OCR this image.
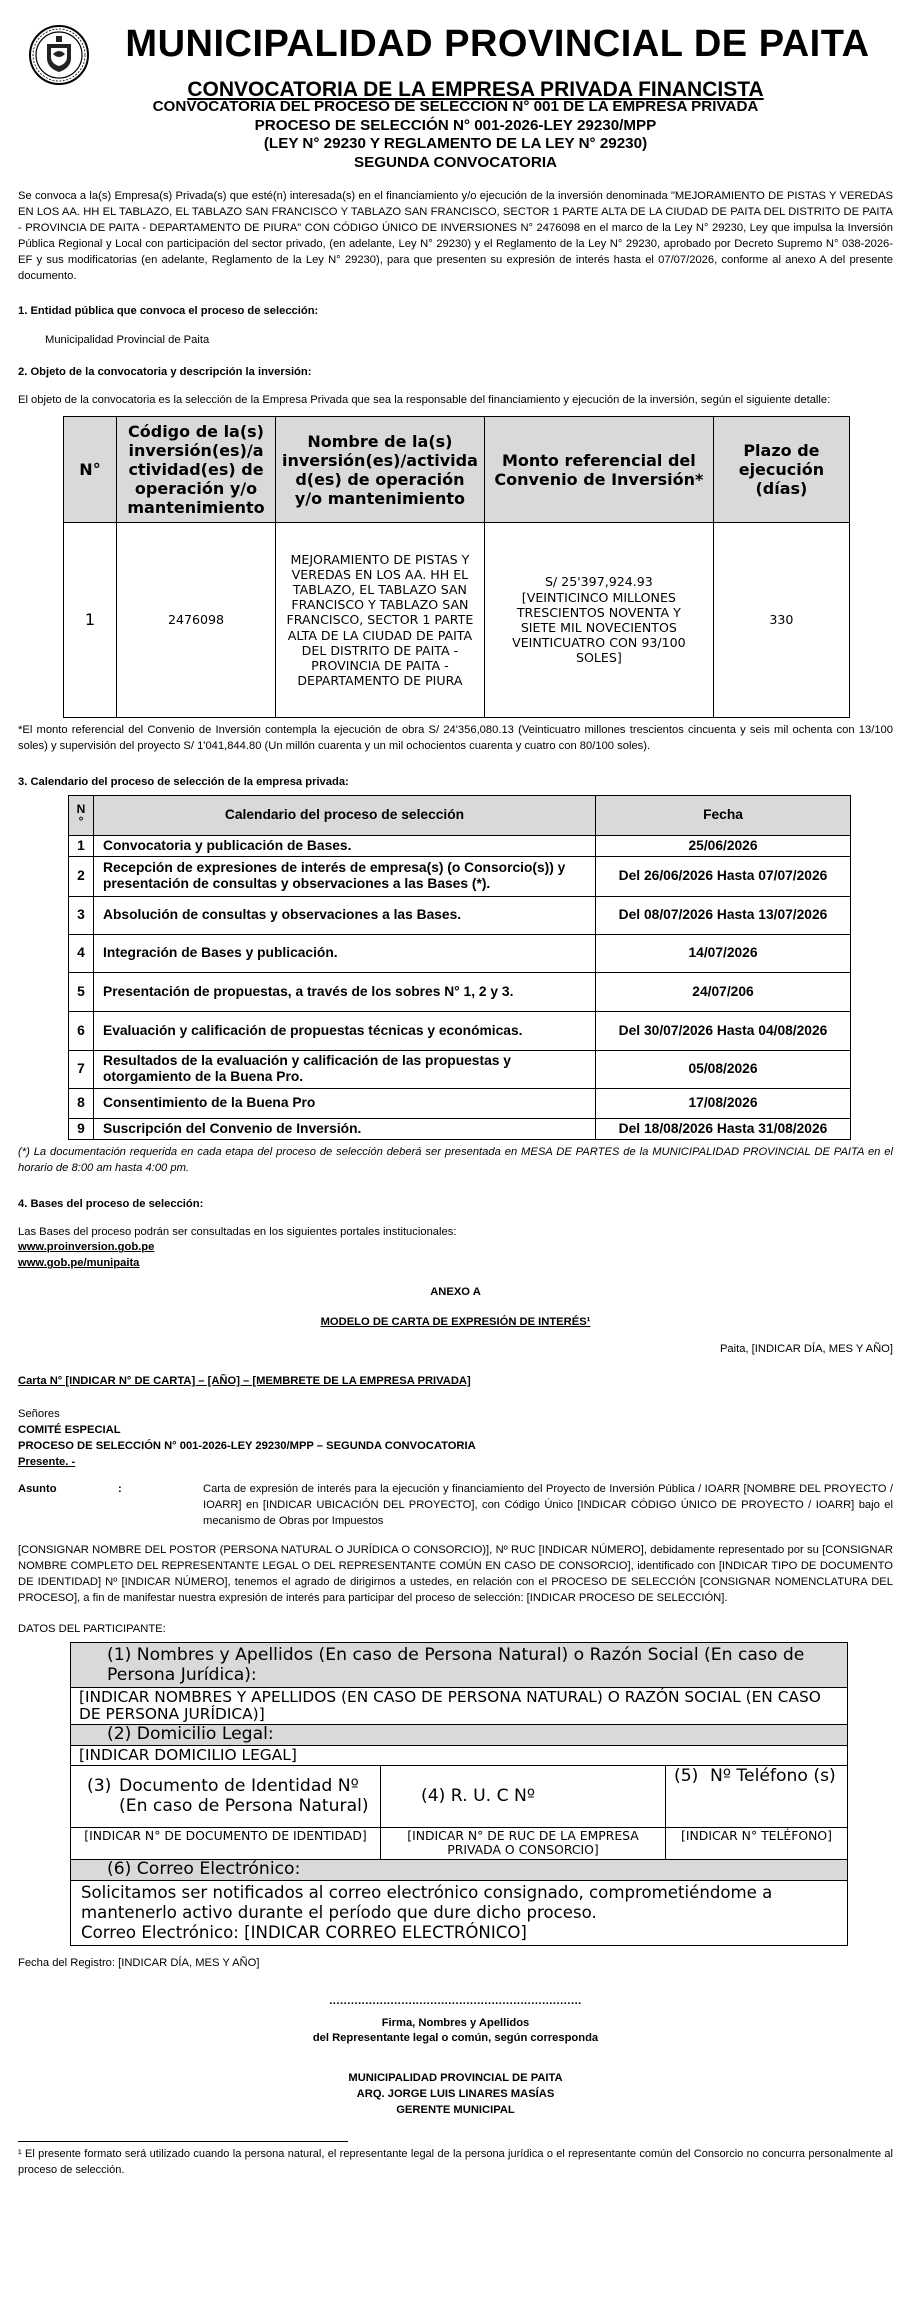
MUNICIPALIDAD PROVINCIAL DE PAITA
CONVOCATORIA DE LA EMPRESA PRIVADA FINANCISTA
CONVOCATORIA DEL PROCESO DE SELECCIÓN N° 001 DE LA EMPRESA PRIVADA
PROCESO DE SELECCIÓN N° 001-2026-LEY 29230/MPP
(LEY N° 29230 Y REGLAMENTO DE LA LEY N° 29230)
SEGUNDA CONVOCATORIA

Se convoca a la(s) Empresa(s) Privada(s) que esté(n) interesada(s) en el financiamiento y/o ejecución de la inversión denominada "MEJORAMIENTO DE PISTAS Y VEREDAS EN LOS AA. HH EL TABLAZO, EL TABLAZO SAN FRANCISCO Y TABLAZO SAN FRANCISCO, SECTOR 1 PARTE ALTA DE LA CIUDAD DE PAITA DEL DISTRITO DE PAITA - PROVINCIA DE PAITA - DEPARTAMENTO DE PIURA" CON CÓDIGO ÚNICO DE INVERSIONES N° 2476098 en el marco de la Ley N° 29230, Ley que impulsa la Inversión Pública Regional y Local con participación del sector privado, (en adelante, Ley N° 29230) y el Reglamento de la Ley N° 29230, aprobado por Decreto Supremo N° 038-2026-EF y sus modificatorias (en adelante, Reglamento de la Ley N° 29230), para que presenten su expresión de interés hasta el 07/07/2026, conforme al anexo A del presente documento.

1. Entidad pública que convoca el proceso de selección:

Municipalidad Provincial de Paita

2. Objeto de la convocatoria y descripción la inversión:

El objeto de la convocatoria es la selección de la Empresa Privada que sea la responsable del financiamiento y ejecución de la inversión, según el siguiente detalle:

N°	Código de la(s) inversión(es)/a ctividad(es) de operación y/o mantenimiento	Nombre de la(s) inversión(es)/activida d(es) de operación y/o mantenimiento	Monto referencial del Convenio de Inversión*	Plazo de ejecución (días)
1	2476098	MEJORAMIENTO DE PISTAS Y VEREDAS EN LOS AA. HH EL TABLAZO, EL TABLAZO SAN FRANCISCO Y TABLAZO SAN FRANCISCO, SECTOR 1 PARTE ALTA DE LA CIUDAD DE PAITA DEL DISTRITO DE PAITA - PROVINCIA DE PAITA - DEPARTAMENTO DE PIURA	S/ 25'397,924.93 [VEINTICINCO MILLONES TRESCIENTOS NOVENTA Y SIETE MIL NOVECIENTOS VEINTICUATRO CON 93/100 SOLES]	330

*El monto referencial del Convenio de Inversión contempla la ejecución de obra S/ 24'356,080.13 (Veinticuatro millones trescientos cincuenta y seis mil ochenta con 13/100 soles) y supervisión del proyecto S/ 1'041,844.80 (Un millón cuarenta y un mil ochocientos cuarenta y cuatro con 80/100 soles).

3. Calendario del proceso de selección de la empresa privada:

N °	Calendario del proceso de selección	Fecha
1	Convocatoria y publicación de Bases.	25/06/2026
2	Recepción de expresiones de interés de empresa(s) (o Consorcio(s)) y presentación de consultas y observaciones a las Bases (*).	Del 26/06/2026 Hasta 07/07/2026
3	Absolución de consultas y observaciones a las Bases.	Del 08/07/2026 Hasta 13/07/2026
4	Integración de Bases y publicación.	14/07/2026
5	Presentación de propuestas, a través de los sobres N° 1, 2 y 3.	24/07/206
6	Evaluación y calificación de propuestas técnicas y económicas.	Del 30/07/2026 Hasta 04/08/2026
7	Resultados de la evaluación y calificación de las propuestas y otorgamiento de la Buena Pro.	05/08/2026
8	Consentimiento de la Buena Pro	17/08/2026
9	Suscripción del Convenio de Inversión.	Del 18/08/2026 Hasta 31/08/2026

(*) La documentación requerida en cada etapa del proceso de selección deberá ser presentada en MESA DE PARTES de la MUNICIPALIDAD PROVINCIAL DE PAITA en el horario de 8:00 am hasta 4:00 pm.

4. Bases del proceso de selección:

Las Bases del proceso podrán ser consultadas en los siguientes portales institucionales:

www.proinversion.gob.pe

www.gob.pe/munipaita

ANEXO A

MODELO DE CARTA DE EXPRESIÓN DE INTERÉS¹

Paita, [INDICAR DÍA, MES Y AÑO]

Carta N° [INDICAR N° DE CARTA] – [AÑO] – [MEMBRETE DE LA EMPRESA PRIVADA]

Señores

COMITÉ ESPECIAL

PROCESO DE SELECCIÓN N° 001-2026-LEY 29230/MPP – SEGUNDA CONVOCATORIA

Presente. -

Asunto	:	Carta de expresión de interés para la ejecución y financiamiento del Proyecto de Inversión Pública / IOARR [NOMBRE DEL PROYECTO / IOARR] en [INDICAR UBICACIÓN DEL PROYECTO], con Código Único [INDICAR CÓDIGO ÚNICO DE PROYECTO / IOARR] bajo el mecanismo de Obras por Impuestos

[CONSIGNAR NOMBRE DEL POSTOR (PERSONA NATURAL O JURÍDICA O CONSORCIO)], Nº RUC [INDICAR NÚMERO], debidamente representado por su [CONSIGNAR NOMBRE COMPLETO DEL REPRESENTANTE LEGAL O DEL REPRESENTANTE COMÚN EN CASO DE CONSORCIO], identificado con [INDICAR TIPO DE DOCUMENTO DE IDENTIDAD] Nº [INDICAR NÚMERO], tenemos el agrado de dirigirnos a ustedes, en relación con el PROCESO DE SELECCIÓN [CONSIGNAR NOMENCLATURA DEL PROCESO], a fin de manifestar nuestra expresión de interés para participar del proceso de selección: [INDICAR PROCESO DE SELECCIÓN].

DATOS DEL PARTICIPANTE:

(1) Nombres y Apellidos (En caso de Persona Natural) o Razón Social (En caso de Persona Jurídica):		
[INDICAR NOMBRES Y APELLIDOS (EN CASO DE PERSONA NATURAL) O RAZÓN SOCIAL (EN CASO DE PERSONA JURÍDICA)]		
(2) Domicilio Legal:		
[INDICAR DOMICILIO LEGAL]		

(3) Documento de Identidad Nº (En caso de Persona Natural)	(4) R. U. C Nº	(5) Nº Teléfono (s)

[INDICAR N° DE DOCUMENTO DE IDENTIDAD]	[INDICAR N° DE RUC DE LA EMPRESA PRIVADA O CONSORCIO]	[INDICAR N° TELÉFONO]
(6) Correo Electrónico:		

Solicitamos ser notificados al correo electrónico consignado, comprometiéndome a mantenerlo activo durante el período que dure dicho proceso.
Correo Electrónico: [INDICAR CORREO ELECTRÓNICO]		

Fecha del Registro: [INDICAR DÍA, MES Y AÑO]

......................................................................
Firma, Nombres y Apellidos
del Representante legal o común, según corresponda
MUNICIPALIDAD PROVINCIAL DE PAITA
ARQ. JORGE LUIS LINARES MASÍAS
GERENTE MUNICIPAL

¹ El presente formato será utilizado cuando la persona natural, el representante legal de la persona jurídica o el representante común del Consorcio no concurra personalmente al proceso de selección.
